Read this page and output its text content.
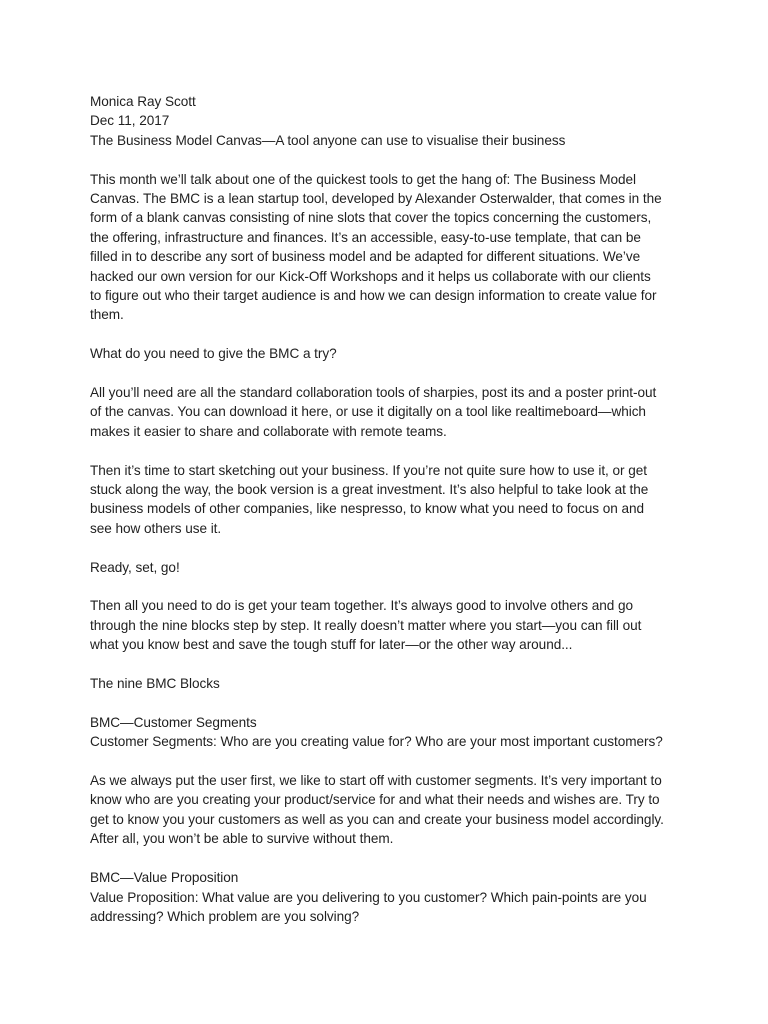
Monica Ray Scott

Dec 11, 2017

The Business Model Canvas—A tool anyone can use to visualise their business

This month we’ll talk about one of the quickest tools to get the hang of: The Business Model

Canvas. The BMC is a lean startup tool, developed by Alexander Osterwalder, that comes in the

form of a blank canvas consisting of nine slots that cover the topics concerning the customers,

the offering, infrastructure and finances. It’s an accessible, easy-to-use template, that can be

filled in to describe any sort of business model and be adapted for different situations. We’ve

hacked our own version for our Kick-Off Workshops and it helps us collaborate with our clients

to figure out who their target audience is and how we can design information to create value for

them.

What do you need to give the BMC a try?

All you’ll need are all the standard collaboration tools of sharpies, post its and a poster print-out

of the canvas. You can download it here, or use it digitally on a tool like realtimeboard—which

makes it easier to share and collaborate with remote teams.

Then it’s time to start sketching out your business. If you’re not quite sure how to use it, or get

stuck along the way, the book version is a great investment. It’s also helpful to take look at the

business models of other companies, like nespresso, to know what you need to focus on and

see how others use it.

Ready, set, go!

Then all you need to do is get your team together. It’s always good to involve others and go

through the nine blocks step by step. It really doesn’t matter where you start—you can fill out

what you know best and save the tough stuff for later—or the other way around...

The nine BMC Blocks

BMC—Customer Segments

Customer Segments: Who are you creating value for? Who are your most important customers?

As we always put the user first, we like to start off with customer segments. It’s very important to

know who are you creating your product/service for and what their needs and wishes are. Try to

get to know you your customers as well as you can and create your business model accordingly.

After all, you won’t be able to survive without them.

BMC—Value Proposition

Value Proposition: What value are you delivering to you customer? Which pain-points are you

addressing? Which problem are you solving?
